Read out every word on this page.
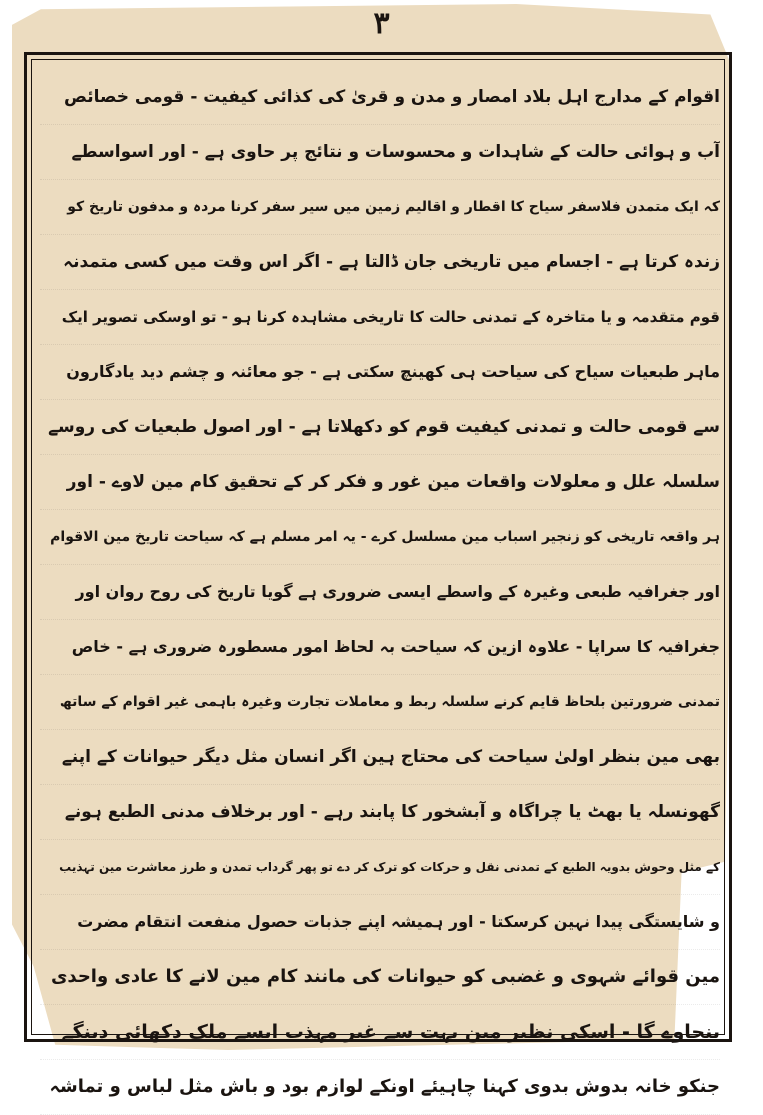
۳
اقوام کے مدارج اہل بلاد امصار و مدن و قریٰ کی کذائی کیفیت - قومی خصائص
آب و ہوائی حالت کے شاہدات و محسوسات و نتائج پر حاوی ہے - اور اسواسطے
کہ ایک متمدن فلاسفر سیاح کا اقطار و اقالیم زمین میں سیر سفر کرنا مردہ و مدفون تاریخ کو
زندہ کرتا ہے - اجسام میں تاریخی جان ڈالتا ہے - اگر اس وقت میں کسی متمدنہ
قوم متقدمہ و یا متاخرہ کے تمدنی حالت کا تاریخی مشاہدہ کرنا ہو - تو اوسکی تصویر ایک
ماہر طبعیات سیاح کی سیاحت ہی کھینچ سکتی ہے - جو معائنہ و چشم دید یادگارون
سے قومی حالت و تمدنی کیفیت قوم کو دکھلاتا ہے - اور اصول طبعیات کی روسے
سلسلہ علل و معلولات واقعات مین غور و فکر کر کے تحقیق کام مین لاوے - اور
ہر واقعہ تاریخی کو زنجیر اسباب مین مسلسل کرے - یہ امر مسلم ہے کہ سیاحت تاریخ مین الاقوام
اور جغرافیہ طبعی وغیرہ کے واسطے ایسی ضروری ہے گویا تاریخ کی روح روان اور
جغرافیہ کا سراپا - علاوہ ازین کہ سیاحت بہ لحاظ امور مسطورہ ضروری ہے - خاص
تمدنی ضرورتین بلحاظ قایم کرنے سلسلہ ربط و معاملات تجارت وغیرہ باہمی غیر اقوام کے ساتھ
بھی مین بنظر اولیٰ سیاحت کی محتاج ہین اگر انسان مثل دیگر حیوانات کے اپنے
گھونسلہ یا بھٹ یا چراگاہ و آبشخور کا پابند رہے - اور برخلاف مدنی الطبع ہونے
کے مثل وحوش بدویہ الطبع کے تمدنی نقل و حرکات کو ترک کر دے تو پھر گرداب تمدن و طرز معاشرت مین تہذیب
و شایستگی پیدا نہین کرسکتا - اور ہمیشہ اپنے جذبات حصول منفعت انتقام مضرت
مین قوائے شہوی و غضبی کو حیوانات کی مانند کام مین لانے کا عادی واحدی
بنجاوے گا - اسکی نظیر مین بہت سے غیر مہذب ایسے ملک دکھائی دینگے
جنکو خانہ بدوش بدوی کہنا چاہیئے اونکے لوازم بود و باش مثل لباس و تماشہ
